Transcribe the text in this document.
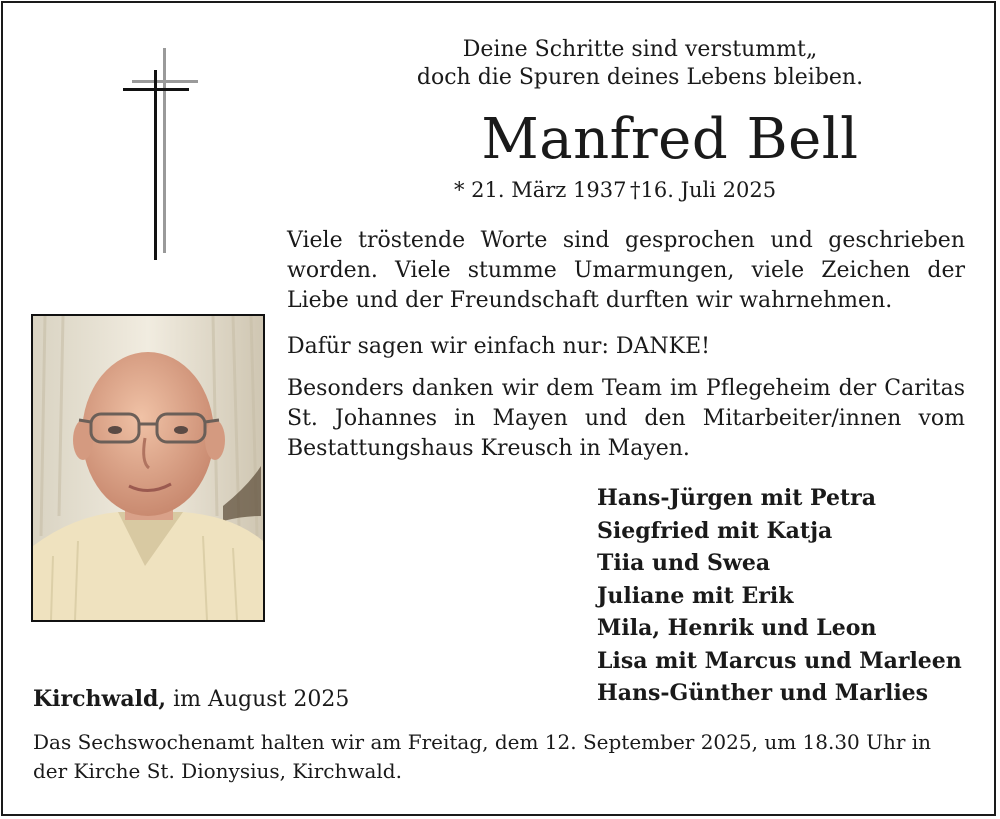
Deine Schritte sind verstummt„
doch die Spuren deines Lebens bleiben.
Manfred Bell
* 21. März 1937 †16. Juli 2025
Viele tröstende Worte sind gesprochen und geschrieben worden. Viele stumme Umarmungen, viele Zeichen der Liebe und der Freundschaft durften wir wahrnehmen.
Dafür sagen wir einfach nur: DANKE!
Besonders danken wir dem Team im Pflegeheim der Caritas St. Johannes in Mayen und den Mitarbeiter/innen vom Bestattungshaus Kreusch in Mayen.
Hans-Jürgen mit Petra
Siegfried mit Katja
Tiia und Swea
Juliane mit Erik
Mila, Henrik und Leon
Lisa mit Marcus und Marleen
Hans-Günther und Marlies
Kirchwald, im August 2025
Das Sechswochenamt halten wir am Freitag, dem 12. September 2025, um 18.30 Uhr in
der Kirche St. Dionysius, Kirchwald.
